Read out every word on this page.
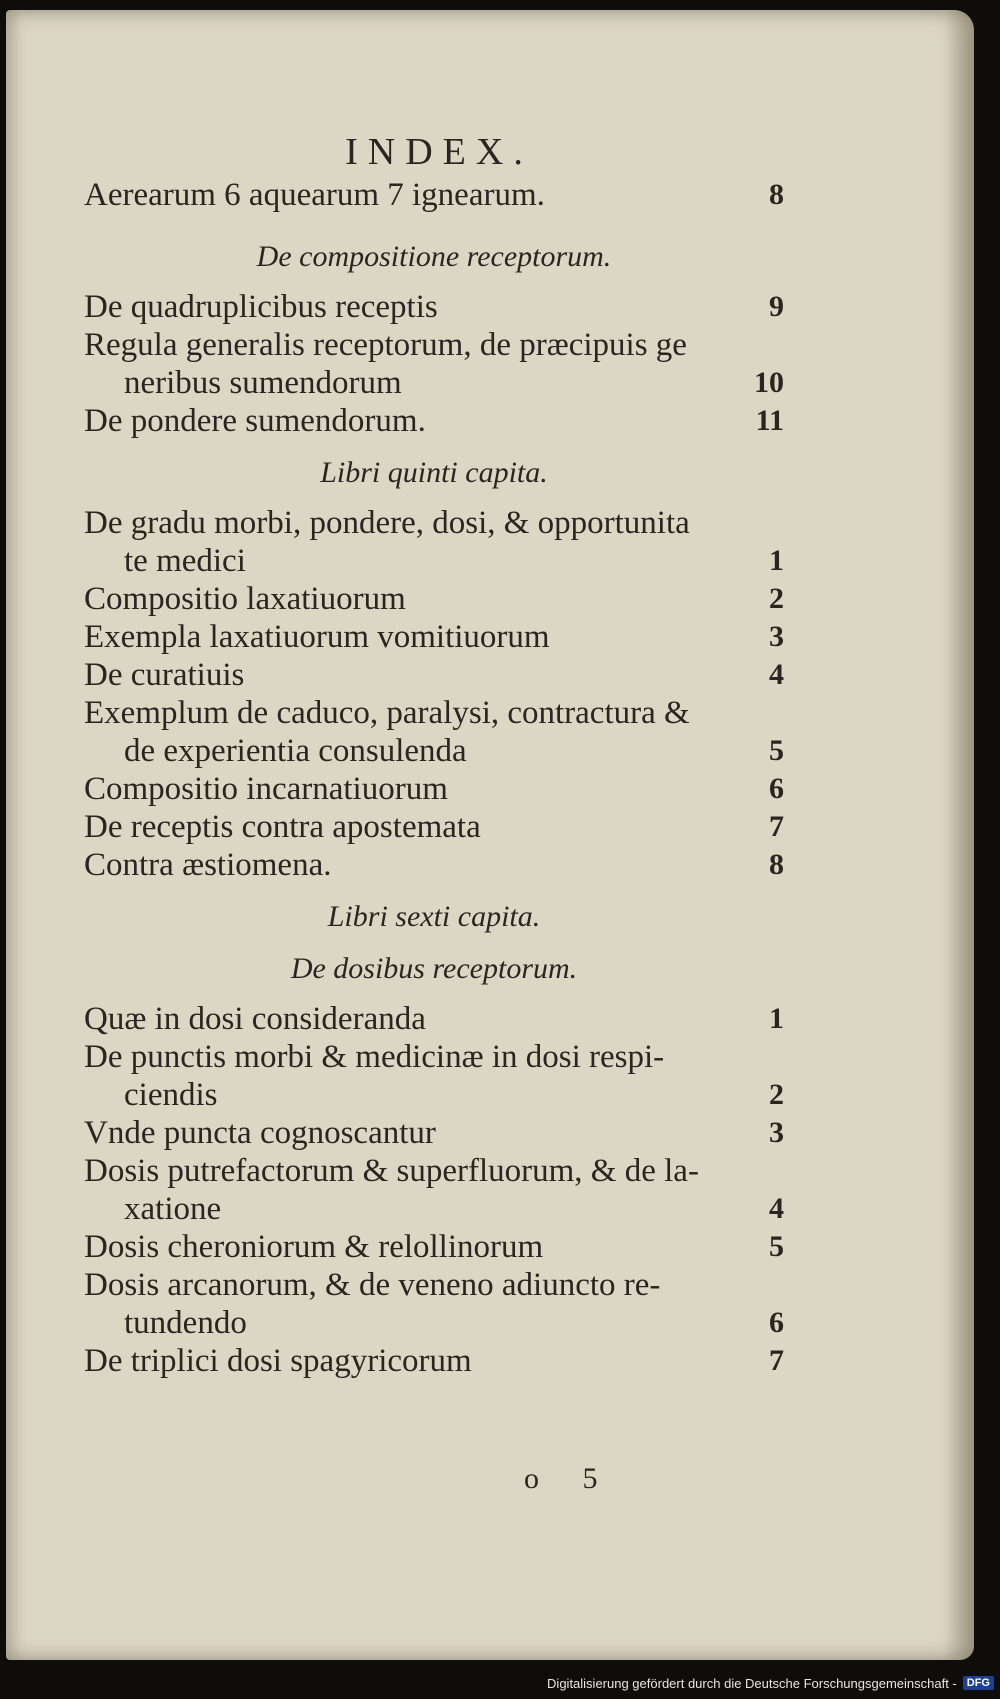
INDEX.
Aerearum 6 aquearum 7 ignearum.	8
De compositione receptorum.
De quadruplicibus receptis	9
Regula generalis receptorum, de præcipuis ge
neribus sumendorum	10
De pondere sumendorum.	11
Libri quinti capita.
De gradu morbi, pondere, dosi, & opportunita
te medici	1
Compositio laxatiuorum	2
Exempla laxatiuorum vomitiuorum	3
De curatiuis	4
Exemplum de caduco, paralysi, contractura &
de experientia consulenda	5
Compositio incarnatiuorum	6
De receptis contra apostemata	7
Contra æstiomena.	8
Libri sexti capita.
De dosibus receptorum.
Quæ in dosi consideranda	1
De punctis morbi & medicinæ in dosi respi-
ciendis	2
Vnde puncta cognoscantur	3
Dosis putrefactorum & superfluorum, & de la-
xatione	4
Dosis cheroniorum & relollinorum	5
Dosis arcanorum, & de veneno adiuncto re-
tundendo	6
De triplici dosi spagyricorum	7
o 5
Digitalisierung gefördert durch die Deutsche Forschungsgemeinschaft - DFG
